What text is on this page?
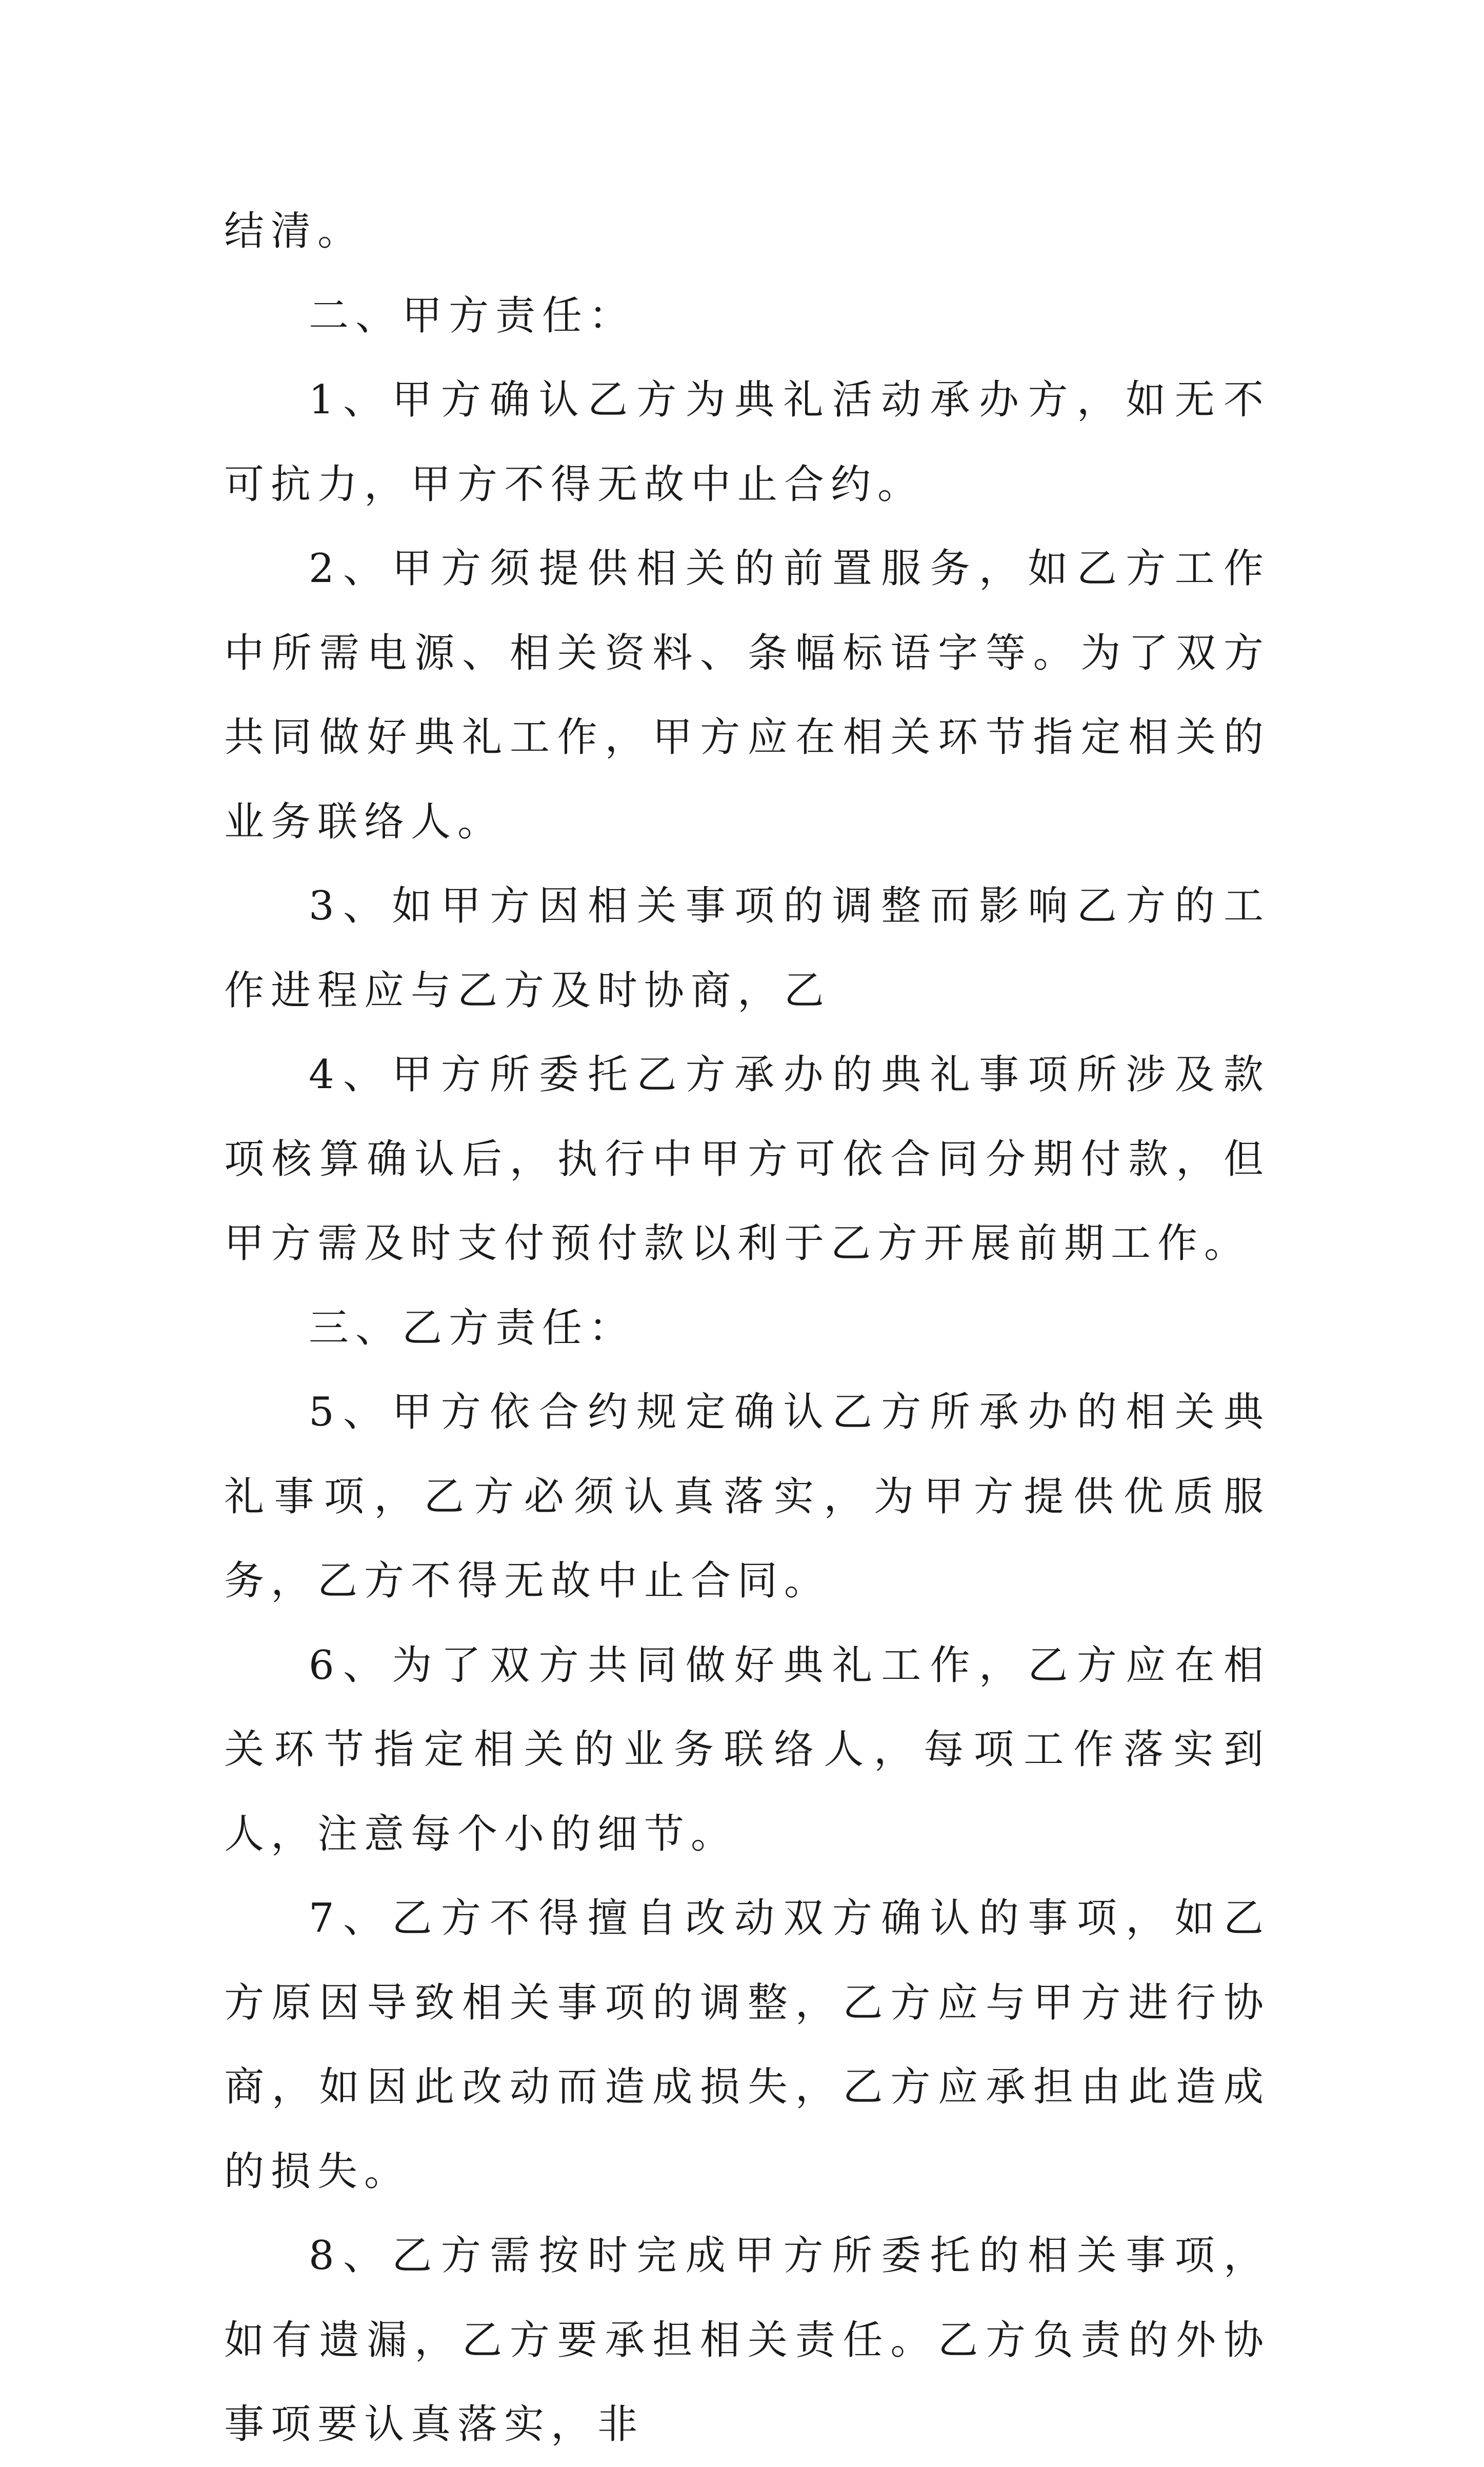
结清。

二、甲方责任：

1、甲方确认乙方为典礼活动承办方，如无不可抗力，甲方不得无故中止合约。

2、甲方须提供相关的前置服务，如乙方工作中所需电源、相关资料、条幅标语字等。为了双方共同做好典礼工作，甲方应在相关环节指定相关的业务联络人。

3、如甲方因相关事项的调整而影响乙方的工作进程应与乙方及时协商，乙

4、甲方所委托乙方承办的典礼事项所涉及款项核算确认后，执行中甲方可依合同分期付款，但甲方需及时支付预付款以利于乙方开展前期工作。

三、乙方责任：

5、甲方依合约规定确认乙方所承办的相关典礼事项，乙方必须认真落实，为甲方提供优质服务，乙方不得无故中止合同。

6、为了双方共同做好典礼工作，乙方应在相关环节指定相关的业务联络人，每项工作落实到人，注意每个小的细节。

7、乙方不得擅自改动双方确认的事项，如乙方原因导致相关事项的调整，乙方应与甲方进行协商，如因此改动而造成损失，乙方应承担由此造成的损失。

8、乙方需按时完成甲方所委托的相关事项，如有遗漏，乙方要承担相关责任。乙方负责的外协事项要认真落实，非
